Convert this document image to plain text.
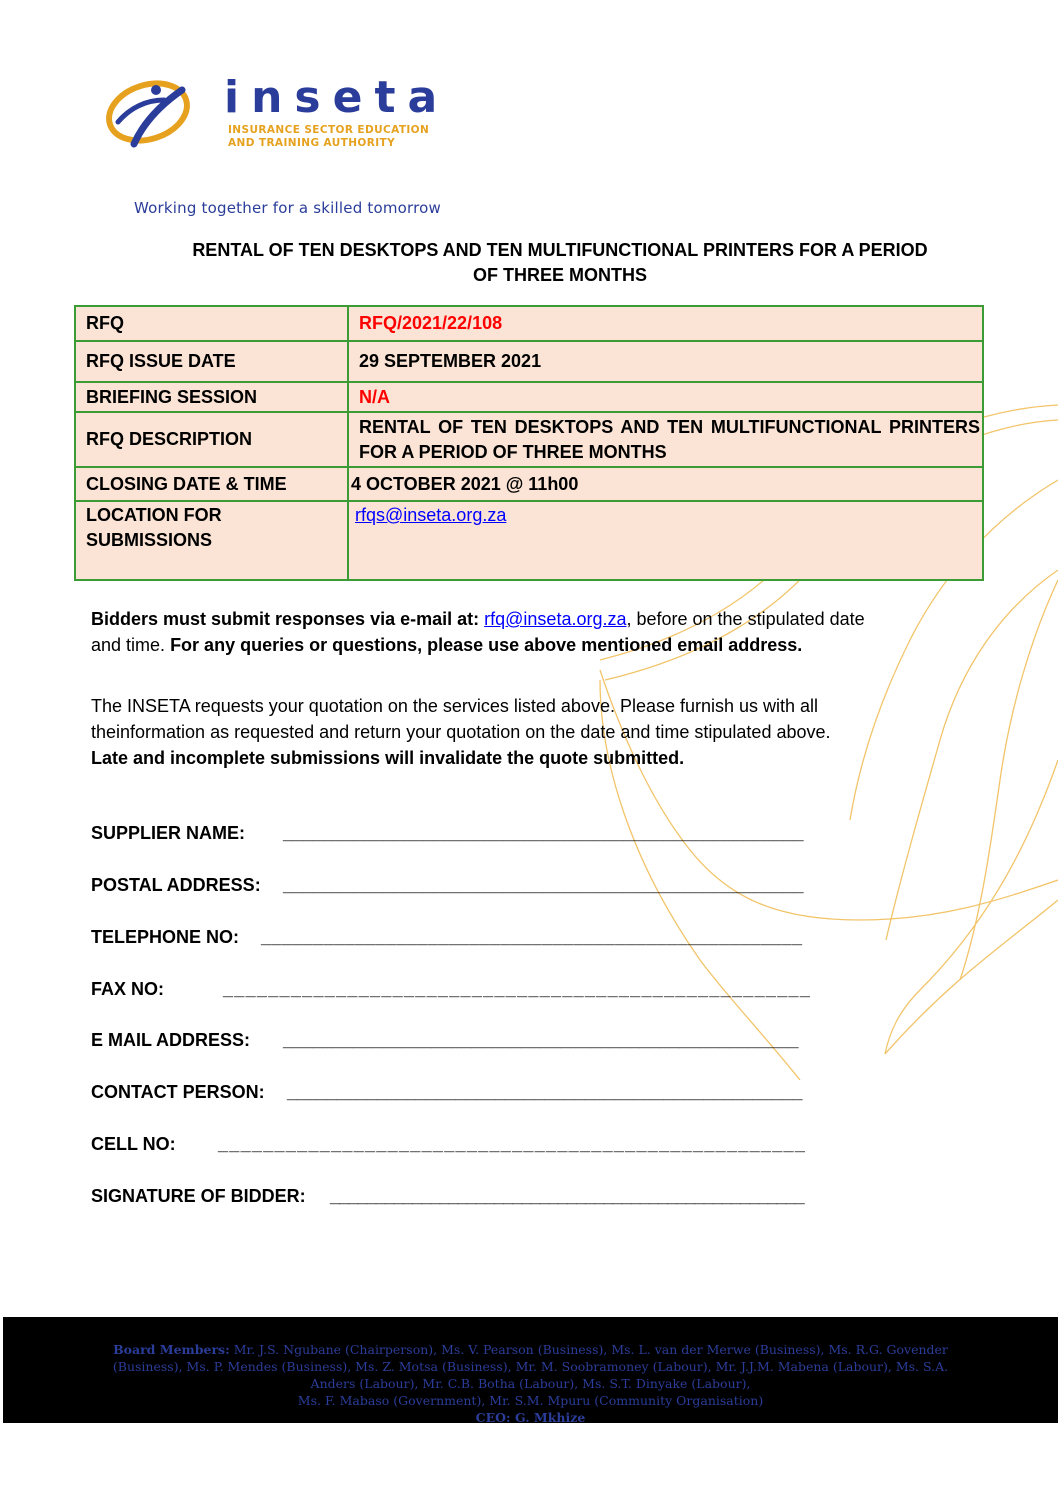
inseta
INSURANCE SECTOR EDUCATION
AND TRAINING AUTHORITY
Working together for a skilled tomorrow
RENTAL OF TEN DESKTOPS AND TEN MULTIFUNCTIONAL PRINTERS FOR A PERIOD
OF THREE MONTHS
RFQ	RFQ/2021/22/108
RFQ ISSUE DATE	29 SEPTEMBER 2021
BRIEFING SESSION	N/A
RFQ DESCRIPTION	RENTAL OF TEN DESKTOPS AND TEN MULTIFUNCTIONAL PRINTERS FOR A PERIOD OF THREE MONTHS
CLOSING DATE & TIME	4 OCTOBER 2021 @ 11h00
LOCATION FOR SUBMISSIONS	rfqs@inseta.org.za

Bidders must submit responses via e-mail at: rfq@inseta.org.za, before on the stipulated date and time. For any queries or questions, please use above mentioned email address.

The INSETA requests your quotation on the services listed above. Please furnish us with all theinformation as requested and return your quotation on the date and time stipulated above. Late and incomplete submissions will invalidate the quote submitted.

SUPPLIER NAME: ____________________________________________________
POSTAL ADDRESS: ____________________________________________________
TELEPHONE NO: ____________________________________________________
FAX NO:	____________________________________________________
E MAIL ADDRESS: ____________________________________________________
CONTACT PERSON: ____________________________________________________
CELL NO: ____________________________________________________
SIGNATURE OF BIDDER: ____________________________________________________
Board Members: Mr. J.S. Ngubane (Chairperson), Ms. V. Pearson (Business), Ms. L. van der Merwe (Business), Ms. R.G. Govender (Business), Ms. P. Mendes (Business), Ms. Z. Motsa (Business), Mr. M. Soobramoney (Labour), Mr. J.J.M. Mabena (Labour), Ms. S.A. Anders (Labour), Mr. C.B. Botha (Labour), Ms. S.T. Dinyake (Labour),
Ms. F. Mabaso (Government), Mr. S.M. Mpuru (Community Organisation)
CEO: G. Mkhize
